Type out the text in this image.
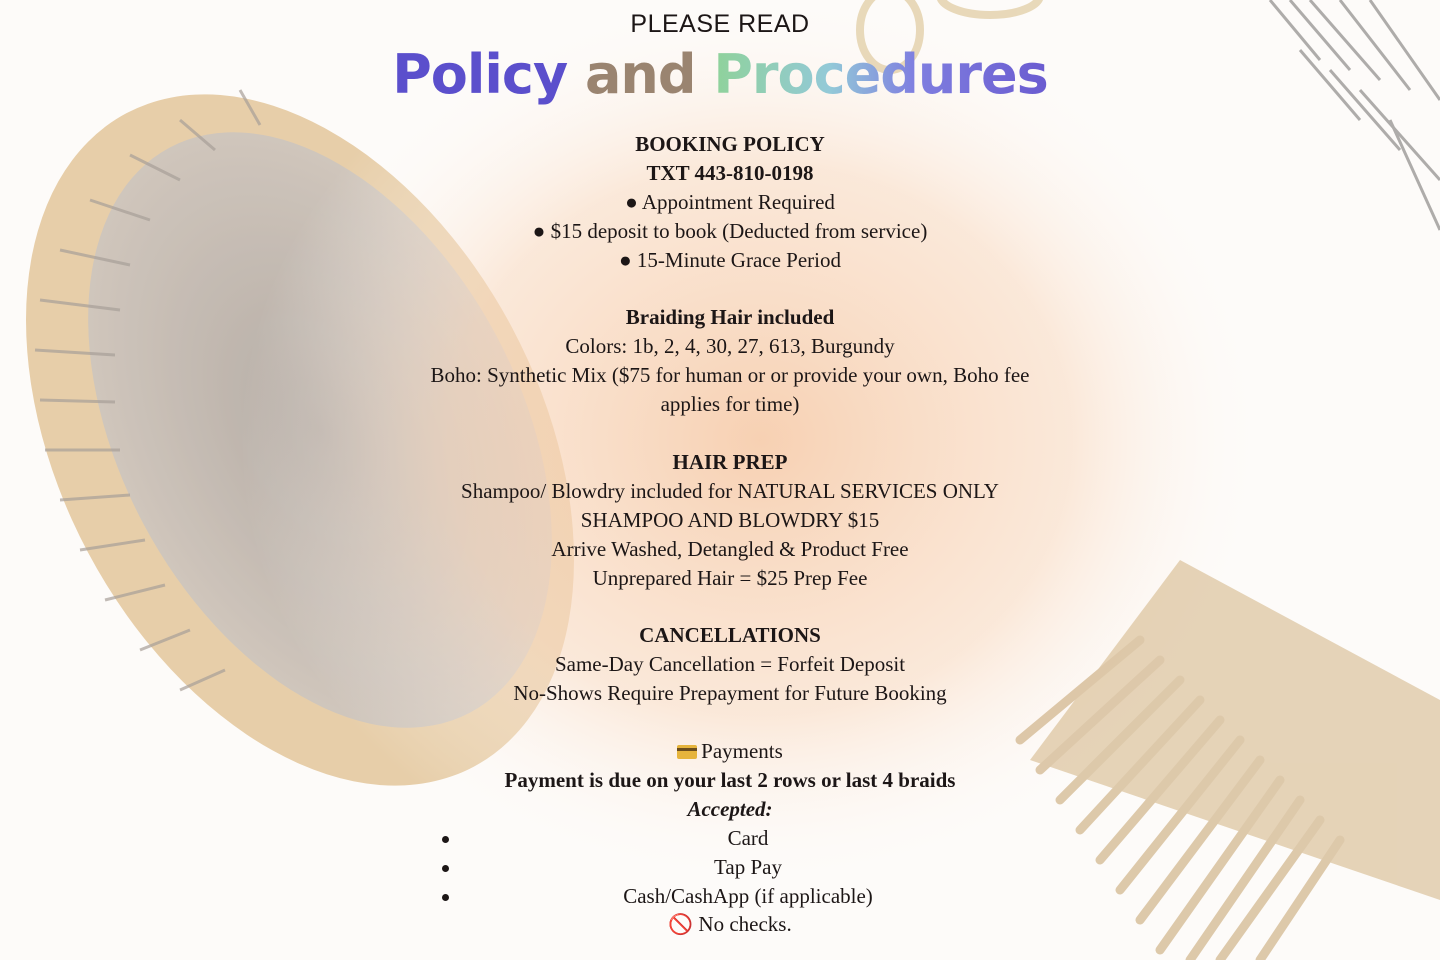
PLEASE READ
Policy and Procedures

BOOKING POLICY

TXT 443-810-0198

● Appointment Required

● $15 deposit to book (Deducted from service)

● 15-Minute Grace Period

Braiding Hair included

Colors: 1b, 2, 4, 30, 27, 613, Burgundy

Boho: Synthetic Mix ($75 for human or or provide your own, Boho fee applies for time)

HAIR PREP

Shampoo/ Blowdry included for NATURAL SERVICES ONLY

SHAMPOO AND BLOWDRY $15

Arrive Washed, Detangled & Product Free

Unprepared Hair = $25 Prep Fee

CANCELLATIONS

Same-Day Cancellation = Forfeit Deposit

No-Shows Require Prepayment for Future Booking

Payments

Payment is due on your last 2 rows or last 4 braids

Accepted:

Card
Tap Pay
Cash/CashApp (if applicable)

🚫 No checks.
